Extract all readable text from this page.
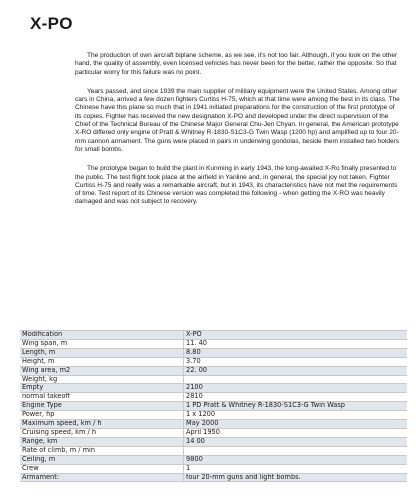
X-PO

The production of own aircraft biplane scheme, as we see, it's not too fair. Although, if you look on the other hand, the quality of assembly, even licensed vehicles has never been for the better, rather the opposite. So that particular worry for this failure was no point.

Years passed, and since 1939 the main supplier of military equipment were the United States. Among other cars in China, arrived a few dozen fighters Curtiss H-75, which at that time were among the best in its class. The Chinese have this plane so much that in 1941 initiated preparations for the construction of the first prototype of its copies. Fighter has received the new designation X-PO and developed under the direct supervision of the Chief of the Technical Bureau of the Chinese Major General Chu-Jen Chyan. In general, the American prototype X-RO differed only engine of Pratt & Whitney R-1830-S1C3-G Twin Wasp (1200 hp) and amplified up to four 20-mm cannon armament. The guns were placed in pairs in underwing gondolas, beside them installed two holders for small bombs.

The prototype began to build the plant in Kunming in early 1943, the long-awaited X-Ro finally presented to the public. The test flight took place at the airfield in Yanline and, in general, the special joy not taken. Fighter Curtiss H-75 and really was a remarkable aircraft, but in 1943, its characteristics have not met the requirements of time. Test report of its Chinese version was completed the following - when getting the X-RO was heavily damaged and was not subject to recovery.

Modification	X-PO
Wing span, m	11. 40
Length, m	8.80
Height, m	3.70
Wing area, m2	22. 00
Weight, kg	
Empty	2100
normal takeoff	2810
Engine Type	1 PD Pratt & Whitney R-1830-S1C3-G Twin Wasp
Power, hp	1 x 1200
Maximum speed, km / h	May 2000
Cruising speed, km / h	April 1950
Range, km	14 00
Rate of climb, m / min	
Ceiling, m	9800
Crew	1
Armament:	four 20-mm guns and light bombs.
